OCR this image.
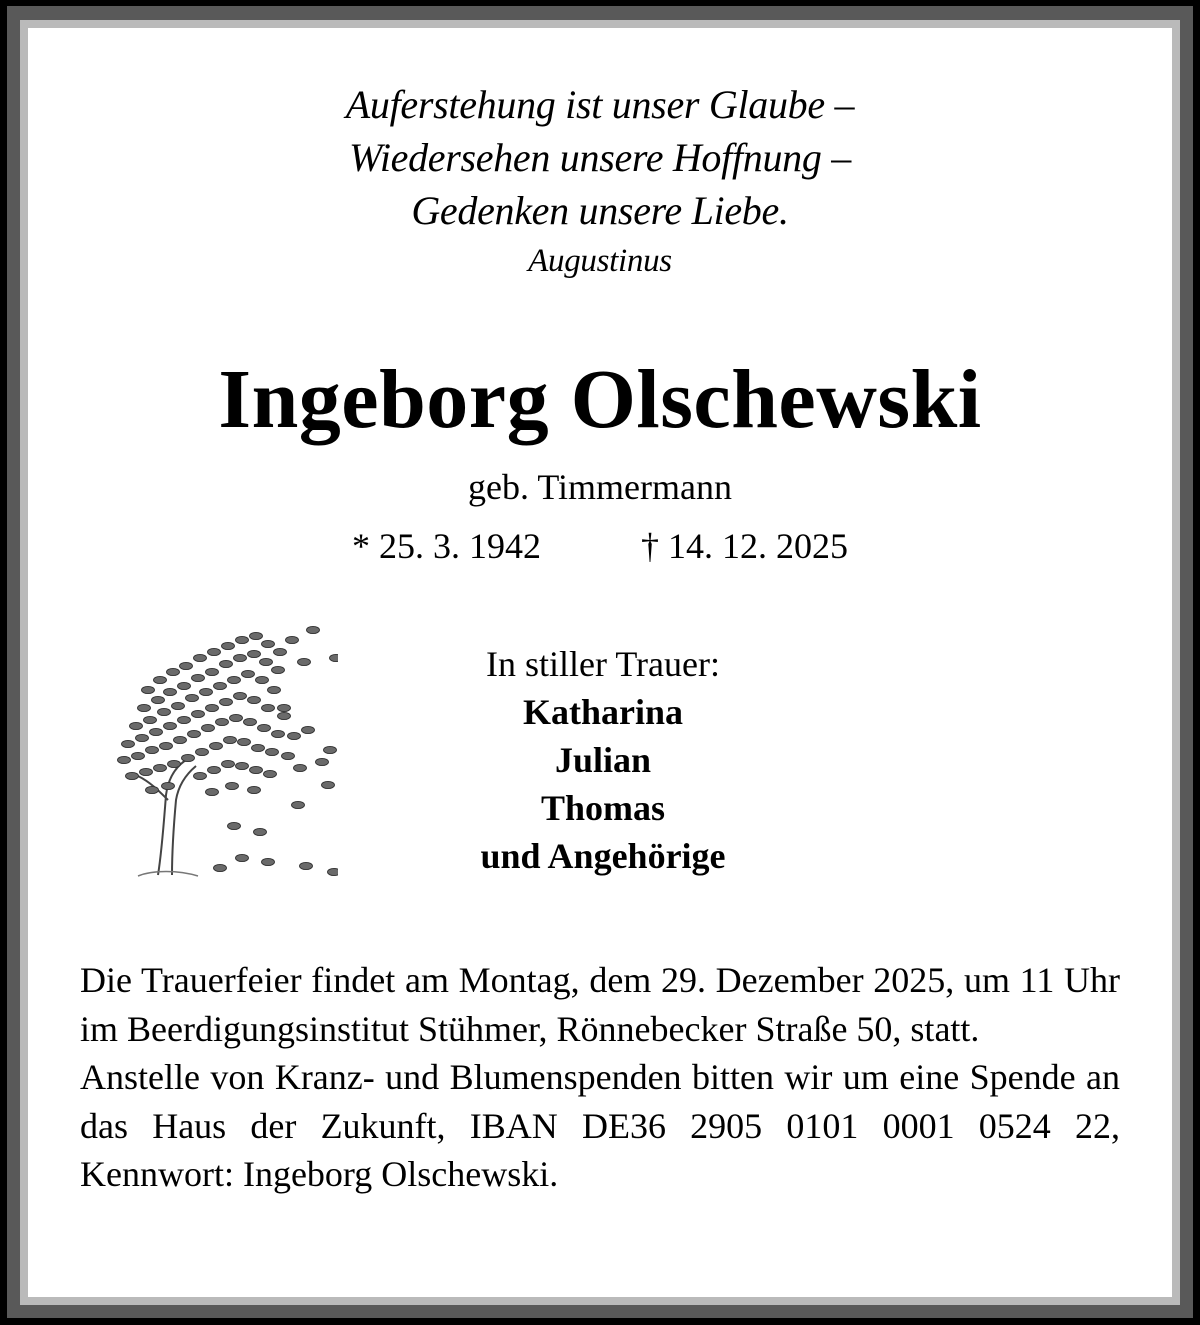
Auferstehung ist unser Glaube –
Wiedersehen unsere Hoffnung –
Gedenken unsere Liebe.
Augustinus
Ingeborg Olschewski
geb. Timmermann
* 25. 3. 1942	† 14. 12. 2025
In stiller Trauer:
Katharina
Julian
Thomas
und Angehörige

Die Trauerfeier findet am Montag, dem 29. Dezember 2025, um 11 Uhr im Beerdigungsinstitut Stühmer, Rönnebecker Straße 50, statt.

Anstelle von Kranz- und Blumenspenden bitten wir um eine Spende an das Haus der Zukunft, IBAN DE36 2905 0101 0001 0524 22, Kennwort: Ingeborg Olschewski.
